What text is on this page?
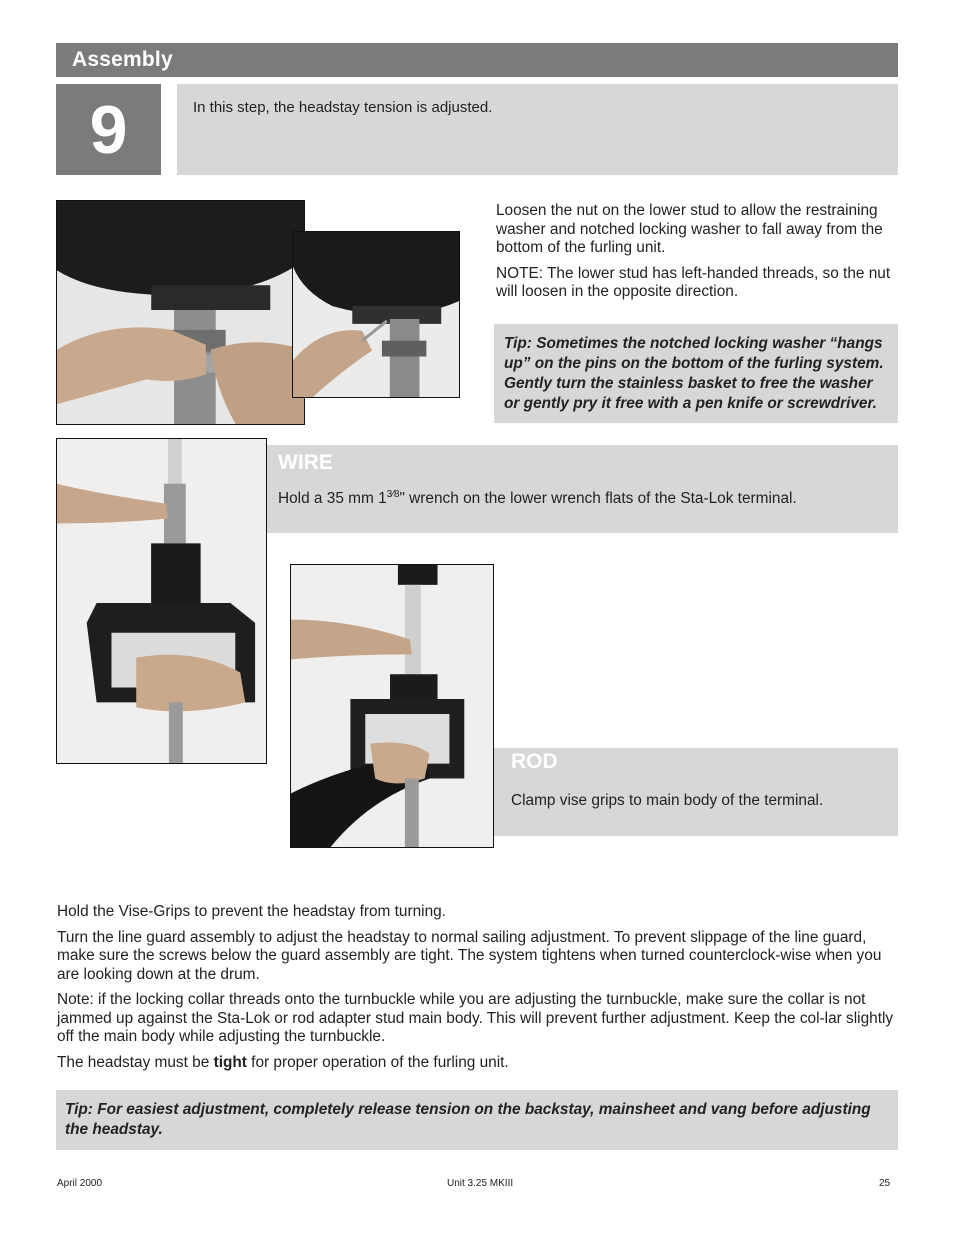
Assembly
9	In this step, the headstay tension is adjusted.

Loosen the nut on the lower stud to allow the restraining washer and notched locking washer to fall away from the bottom of the furling unit.

NOTE: The lower stud has left-handed threads, so the nut will loosen in the opposite direction.

Tip: Sometimes the notched locking washer “hangs up” on the pins on the bottom of the furling system. Gently turn the stainless basket to free the washer or gently pry it free with a pen knife or screwdriver.
WIRE
Hold a 35 mm $1^{3⁄8}$" wrench on the lower wrench flats of the Sta-Lok terminal.
ROD
Clamp vise grips to main body of the terminal.

Hold the Vise-Grips to prevent the headstay from turning.

Turn the line guard assembly to adjust the headstay to normal sailing adjustment. To prevent slippage of the line guard, make sure the screws below the guard assembly are tight. The system tightens when turned counterclock-wise when you are looking down at the drum.

Note: if the locking collar threads onto the turnbuckle while you are adjusting the turnbuckle, make sure the collar is not jammed up against the Sta-Lok or rod adapter stud main body. This will prevent further adjustment. Keep the col-lar slightly off the main body while adjusting the turnbuckle.

The headstay must be tight for proper operation of the furling unit.

Tip: For easiest adjustment, completely release tension on the backstay, mainsheet and vang before adjusting the headstay.
April 2000	Unit 3.25 MKIII	25
